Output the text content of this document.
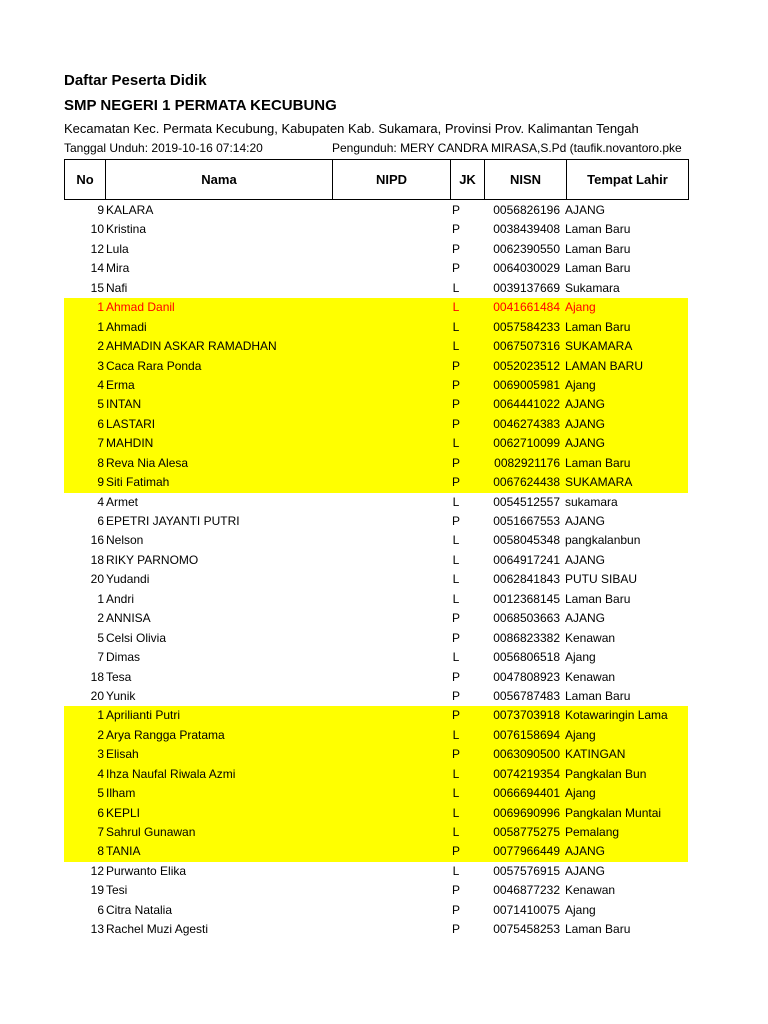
Daftar Peserta Didik
SMP NEGERI 1 PERMATA KECUBUNG
Kecamatan Kec. Permata Kecubung, Kabupaten Kab. Sukamara, Provinsi Prov. Kalimantan Tengah
Tanggal Unduh: 2019-10-16 07:14:20	Pengunduh: MERY CANDRA MIRASA,S.Pd (taufik.novantoro.pke
No	Nama	NIPD	JK	NISN	Tempat Lahir
9 KALARA	P	0056826196 AJANG
10 Kristina	P	0038439408 Laman Baru
12 Lula	P	0062390550 Laman Baru
14 Mira	P	0064030029 Laman Baru
15 Nafi	L	0039137669 Sukamara
1 Ahmad Danil	L	0041661484 Ajang
1 Ahmadi	L	0057584233 Laman Baru
2 AHMADIN ASKAR RAMADHAN	L	0067507316 SUKAMARA
3 Caca Rara Ponda	P	0052023512 LAMAN BARU
4 Erma	P	0069005981 Ajang
5 INTAN	P	0064441022 AJANG
6 LASTARI	P	0046274383 AJANG
7 MAHDIN	L	0062710099 AJANG
8 Reva Nia Alesa	P	0082921176 Laman Baru
9 Siti Fatimah	P	0067624438 SUKAMARA
4 Armet	L	0054512557 sukamara
6 EPETRI JAYANTI PUTRI	P	0051667553 AJANG
16 Nelson	L	0058045348 pangkalanbun
18 RIKY PARNOMO	L	0064917241 AJANG
20 Yudandi	L	0062841843 PUTU SIBAU
1 Andri	L	0012368145 Laman Baru
2 ANNISA	P	0068503663 AJANG
5 Celsi Olivia	P	0086823382 Kenawan
7 Dimas	L	0056806518 Ajang
18 Tesa	P	0047808923 Kenawan
20 Yunik	P	0056787483 Laman Baru
1 Aprilianti Putri	P	0073703918 Kotawaringin Lama
2 Arya Rangga Pratama	L	0076158694 Ajang
3 Elisah	P	0063090500 KATINGAN
4 Ihza Naufal Riwala Azmi	L	0074219354 Pangkalan Bun
5 Ilham	L	0066694401 Ajang
6 KEPLI	L	0069690996 Pangkalan Muntai
7 Sahrul Gunawan	L	0058775275 Pemalang
8 TANIA	P	0077966449 AJANG
12 Purwanto Elika	L	0057576915 AJANG
19 Tesi	P	0046877232 Kenawan
6 Citra Natalia	P	0071410075 Ajang
13 Rachel Muzi Agesti	P	0075458253 Laman Baru
